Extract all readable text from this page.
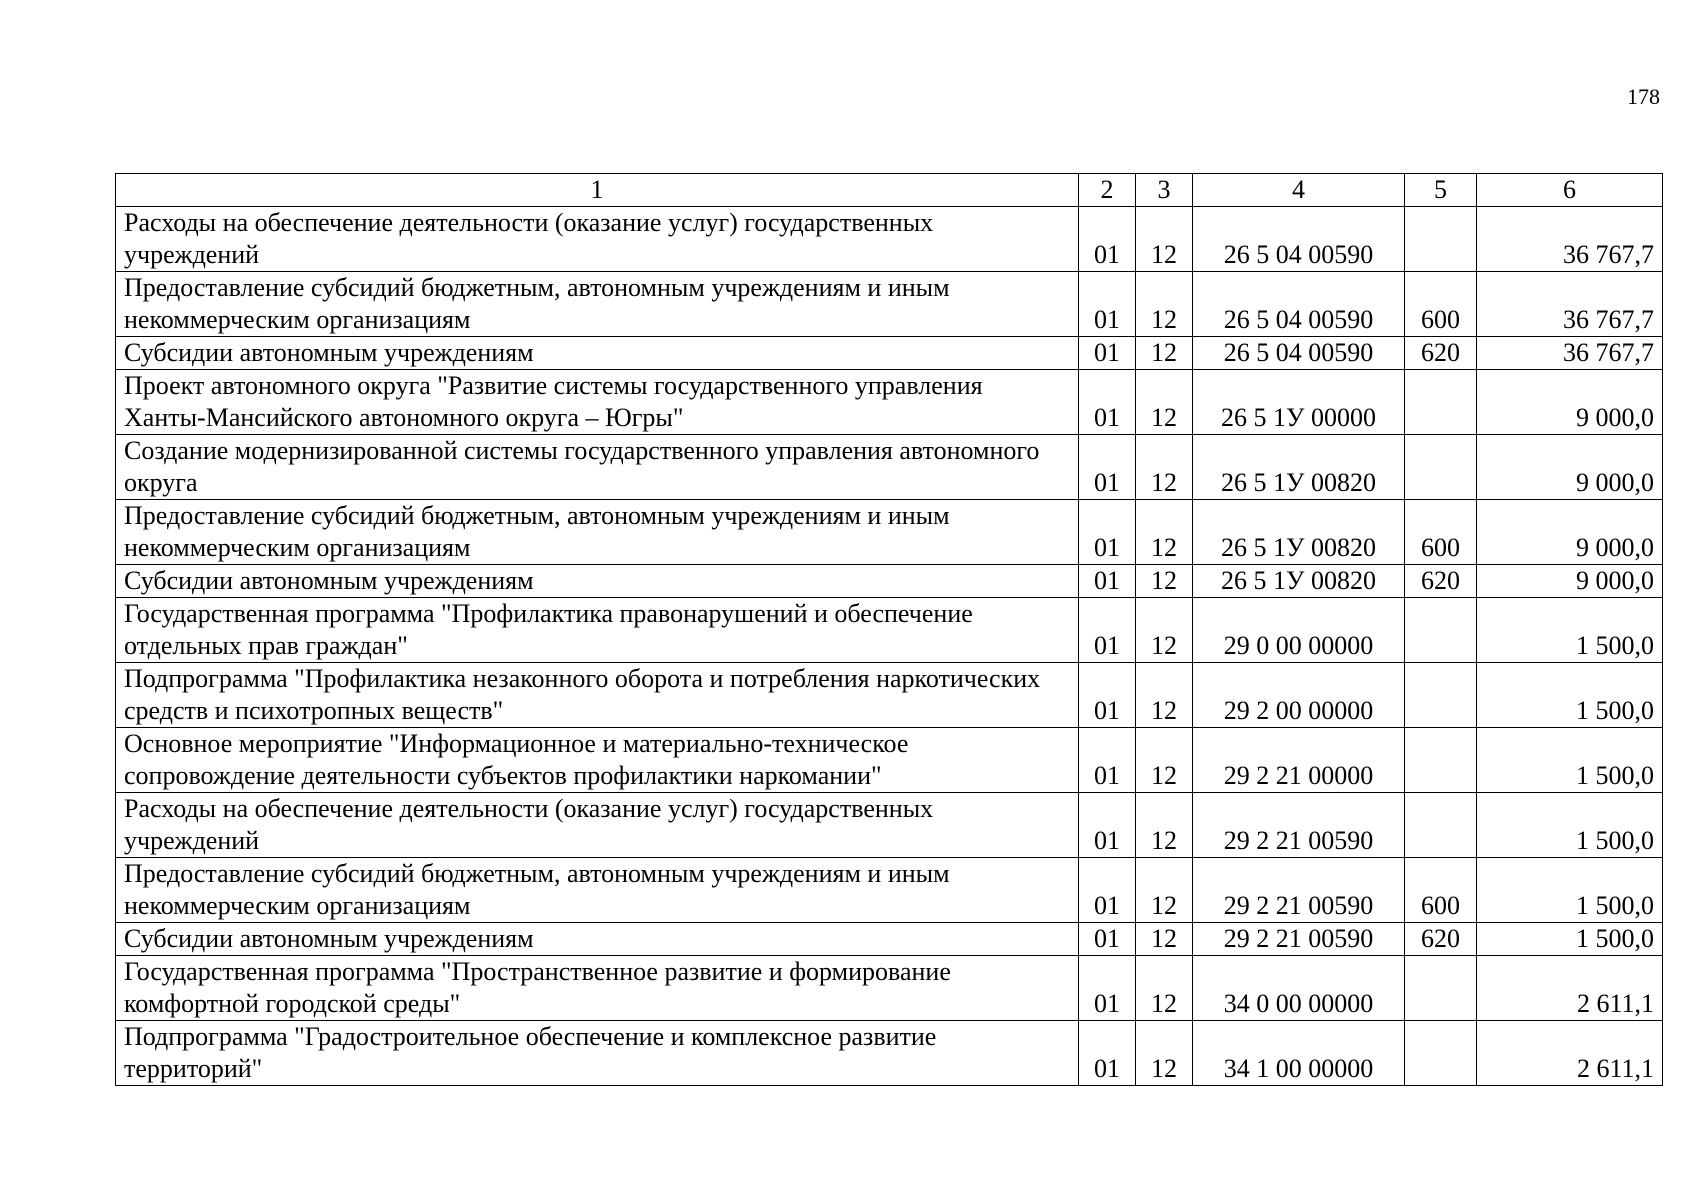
178
1	2	3	4	5	6
Расходы на обеспечение деятельности (оказание услуг) государственных учреждений	01	12	26 5 04 00590		36 767,7
Предоставление субсидий бюджетным, автономным учреждениям и иным некоммерческим организациям	01	12	26 5 04 00590	600	36 767,7
Субсидии автономным учреждениям	01	12	26 5 04 00590	620	36 767,7
Проект автономного округа "Развитие системы государственного управления Ханты-Мансийского автономного округа – Югры"	01	12	26 5 1У 00000		9 000,0
Создание модернизированной системы государственного управления автономного округа	01	12	26 5 1У 00820		9 000,0
Предоставление субсидий бюджетным, автономным учреждениям и иным некоммерческим организациям	01	12	26 5 1У 00820	600	9 000,0
Субсидии автономным учреждениям	01	12	26 5 1У 00820	620	9 000,0
Государственная программа "Профилактика правонарушений и обеспечение отдельных прав граждан"	01	12	29 0 00 00000		1 500,0
Подпрограмма "Профилактика незаконного оборота и потребления наркотических средств и психотропных веществ"	01	12	29 2 00 00000		1 500,0
Основное мероприятие "Информационное и материально-техническое сопровождение деятельности субъектов профилактики наркомании"	01	12	29 2 21 00000		1 500,0
Расходы на обеспечение деятельности (оказание услуг) государственных учреждений	01	12	29 2 21 00590		1 500,0
Предоставление субсидий бюджетным, автономным учреждениям и иным некоммерческим организациям	01	12	29 2 21 00590	600	1 500,0
Субсидии автономным учреждениям	01	12	29 2 21 00590	620	1 500,0
Государственная программа "Пространственное развитие и формирование комфортной городской среды"	01	12	34 0 00 00000		2 611,1
Подпрограмма "Градостроительное обеспечение и комплексное развитие территорий"	01	12	34 1 00 00000		2 611,1
